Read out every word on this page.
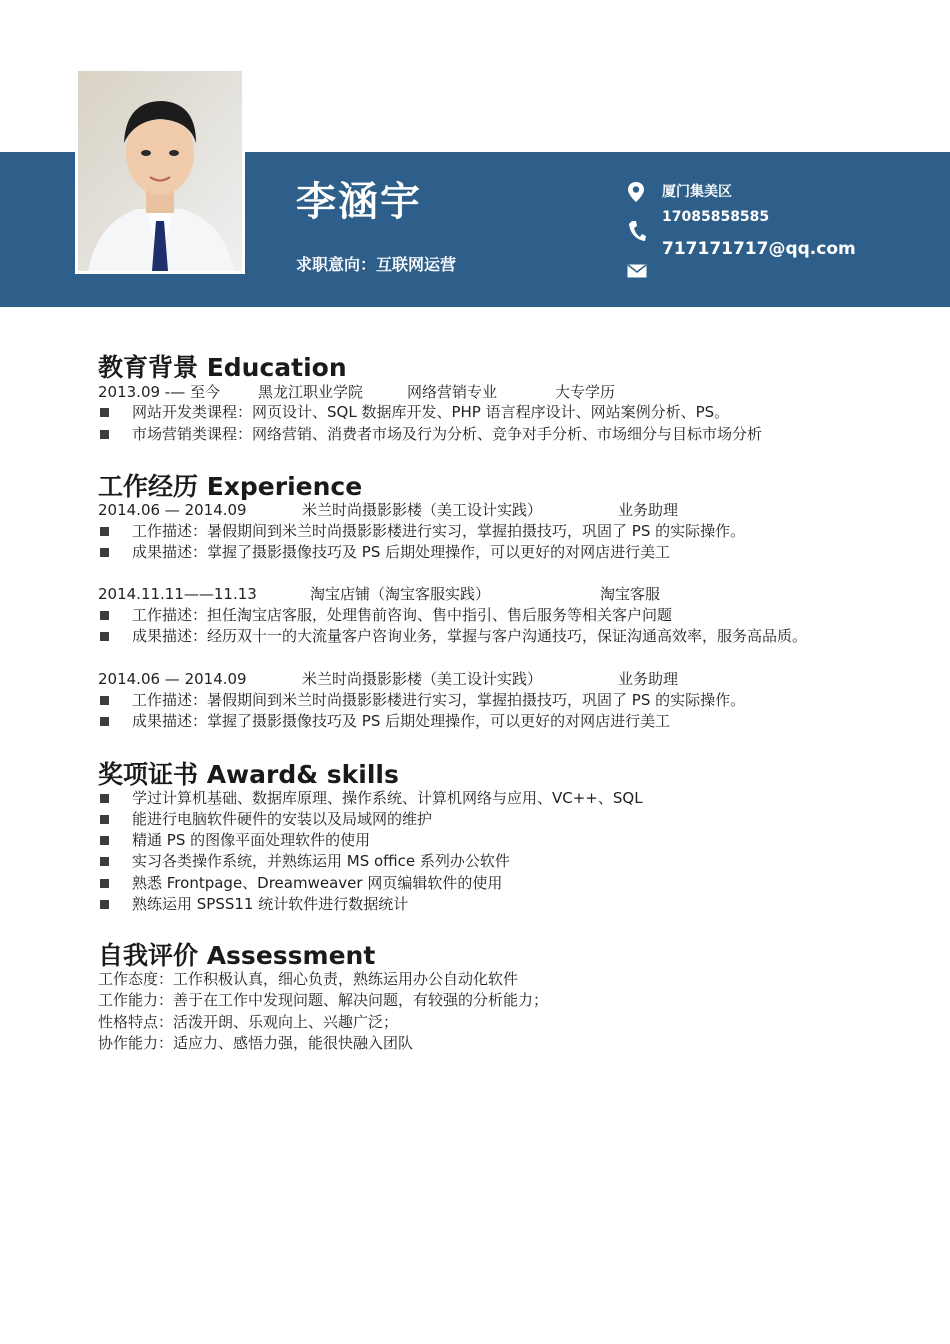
李涵宇
求职意向：互联网运营
厦门集美区
17085858585
717171717@qq.com
教育背景 Education
2013.09 -— 至今	黑龙江职业学院	网络营销专业	大专学历
网站开发类课程：网页设计、SQL 数据库开发、PHP 语言程序设计、网站案例分析、PS。
市场营销类课程：网络营销、消费者市场及行为分析、竞争对手分析、市场细分与目标市场分析
工作经历 Experience
2014.06 — 2014.09	米兰时尚摄影影楼（美工设计实践）	业务助理
工作描述：暑假期间到米兰时尚摄影影楼进行实习，掌握拍摄技巧，巩固了 PS 的实际操作。
成果描述：掌握了摄影摄像技巧及 PS 后期处理操作，可以更好的对网店进行美工
2014.11.11——11.13	淘宝店铺（淘宝客服实践）	淘宝客服
工作描述：担任淘宝店客服，处理售前咨询、售中指引、售后服务等相关客户问题
成果描述：经历双十一的大流量客户咨询业务，掌握与客户沟通技巧，保证沟通高效率，服务高品质。
2014.06 — 2014.09	米兰时尚摄影影楼（美工设计实践）	业务助理
工作描述：暑假期间到米兰时尚摄影影楼进行实习，掌握拍摄技巧，巩固了 PS 的实际操作。
成果描述：掌握了摄影摄像技巧及 PS 后期处理操作，可以更好的对网店进行美工
奖项证书 Award& skills
学过计算机基础、数据库原理、操作系统、计算机网络与应用、VC++、SQL
能进行电脑软件硬件的安装以及局域网的维护
精通 PS 的图像平面处理软件的使用
实习各类操作系统，并熟练运用 MS office 系列办公软件
熟悉 Frontpage、Dreamweaver 网页编辑软件的使用
熟练运用 SPSS11 统计软件进行数据统计
自我评价 Assessment
工作态度：工作积极认真，细心负责，熟练运用办公自动化软件
工作能力：善于在工作中发现问题、解决问题，有较强的分析能力；
性格特点：活泼开朗、乐观向上、兴趣广泛；
协作能力：适应力、感悟力强，能很快融入团队
